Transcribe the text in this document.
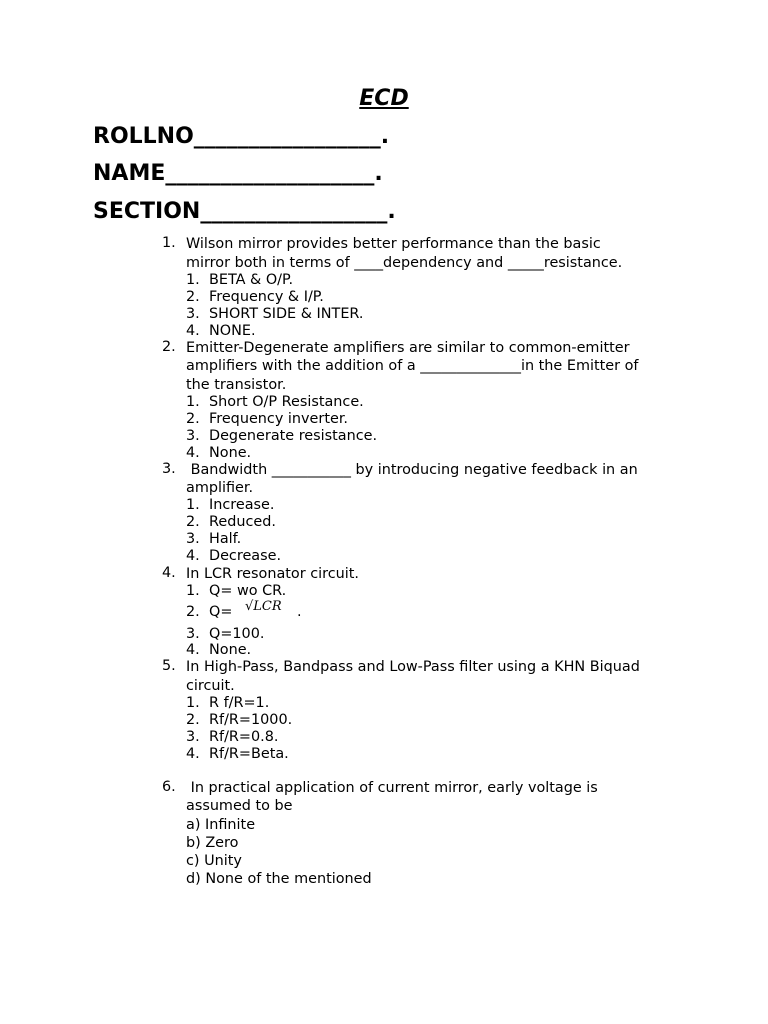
ECD
ROLLNO_________________.
NAME___________________.
SECTION_________________.
1. Wilson mirror provides better performance than the basic
mirror both in terms of ____dependency and _____resistance.
1. BETA & O/P.
2. Frequency & I/P.
3. SHORT SIDE & INTER.
4. NONE.
2. Emitter-Degenerate amplifiers are similar to common-emitter
amplifiers with the addition of a ______________in the Emitter of
the transistor.
1. Short O/P Resistance.
2. Frequency inverter.
3. Degenerate resistance.
4. None.
3. Bandwidth ___________ by introducing negative feedback in an
amplifier.
1. Increase.
2. Reduced.
3. Half.
4. Decrease.
4. In LCR resonator circuit.
1. Q= wo CR.
2. Q= √LCR .
3. Q=100.
4. None.
5. In High-Pass, Bandpass and Low-Pass filter using a KHN Biquad
circuit.
1. R f/R=1.
2. Rf/R=1000.
3. Rf/R=0.8.
4. Rf/R=Beta.
6. In practical application of current mirror, early voltage is
assumed to be
a) Infinite
b) Zero
c) Unity
d) None of the mentioned
